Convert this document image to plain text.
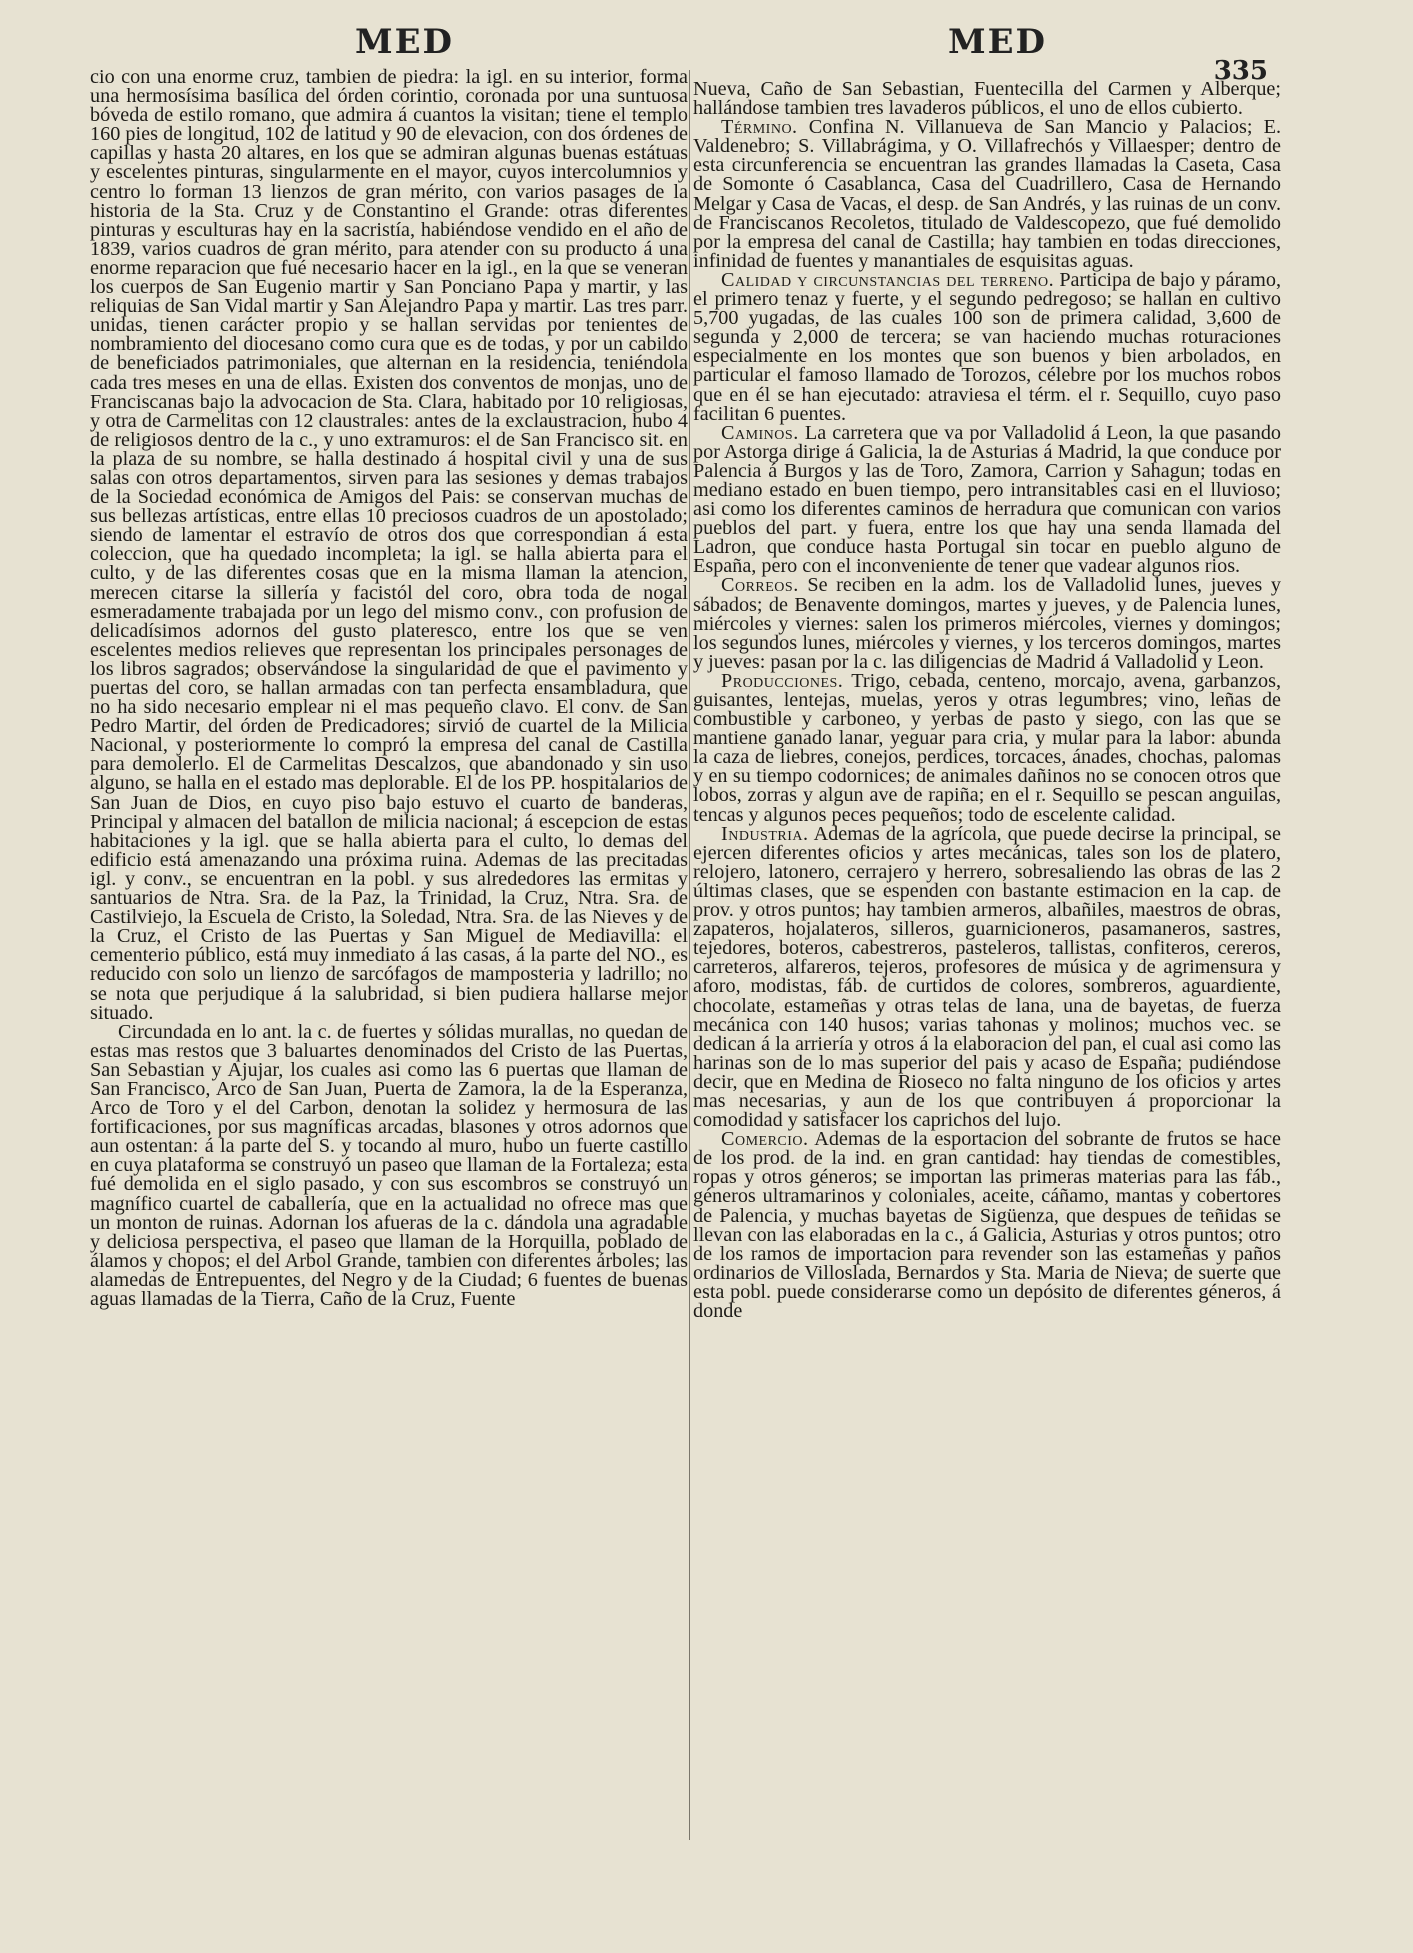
MED	MED
335

cio con una enorme cruz, tambien de piedra: la igl. en su interior, forma una hermosísima basílica del órden corintio, coronada por una suntuosa bóveda de estilo romano, que admira á cuantos la visitan; tiene el templo 160 pies de longitud, 102 de latitud y 90 de elevacion, con dos órdenes de capillas y hasta 20 altares, en los que se admiran algunas buenas estátuas y escelentes pinturas, singularmente en el mayor, cuyos intercolumnios y centro lo forman 13 lienzos de gran mérito, con varios pasages de la historia de la Sta. Cruz y de Constantino el Grande: otras diferentes pinturas y esculturas hay en la sacristía, habiéndose vendido en el año de 1839, varios cuadros de gran mérito, para atender con su producto á una enorme reparacion que fué necesario hacer en la igl., en la que se veneran los cuerpos de San Eugenio martir y San Ponciano Papa y martir, y las reliquias de San Vidal martir y San Alejandro Papa y martir. Las tres parr. unidas, tienen carácter propio y se hallan servidas por tenientes de nombramiento del diocesano como cura que es de todas, y por un cabildo de beneficiados patrimoniales, que alternan en la residencia, teniéndola cada tres meses en una de ellas. Existen dos conventos de monjas, uno de Franciscanas bajo la advocacion de Sta. Clara, habitado por 10 religiosas, y otra de Carmelitas con 12 claustrales: antes de la exclaustracion, hubo 4 de religiosos dentro de la c., y uno extramuros: el de San Francisco sit. en la plaza de su nombre, se halla destinado á hospital civil y una de sus salas con otros departamentos, sirven para las sesiones y demas trabajos de la Sociedad económica de Amigos del Pais: se conservan muchas de sus bellezas artísticas, entre ellas 10 preciosos cuadros de un apostolado; siendo de lamentar el estravío de otros dos que correspondian á esta coleccion, que ha quedado incompleta; la igl. se halla abierta para el culto, y de las diferentes cosas que en la misma llaman la atencion, merecen citarse la sillería y facistól del coro, obra toda de nogal esmeradamente trabajada por un lego del mismo conv., con profusion de delicadísimos adornos del gusto plateresco, entre los que se ven escelentes medios relieves que representan los principales personages de los libros sagrados; observándose la singularidad de que el pavimento y puertas del coro, se hallan armadas con tan perfecta ensambladura, que no ha sido necesario emplear ni el mas pequeño clavo. El conv. de San Pedro Martir, del órden de Predicadores; sirvió de cuartel de la Milicia Nacional, y posteriormente lo compró la empresa del canal de Castilla para demolerlo. El de Carmelitas Descalzos, que abandonado y sin uso alguno, se halla en el estado mas deplorable. El de los PP. hospitalarios de San Juan de Dios, en cuyo piso bajo estuvo el cuarto de banderas, Principal y almacen del batallon de milicia nacional; á escepcion de estas habitaciones y la igl. que se halla abierta para el culto, lo demas del edificio está amenazando una próxima ruina. Ademas de las precitadas igl. y conv., se encuentran en la pobl. y sus alrededores las ermitas y santuarios de Ntra. Sra. de la Paz, la Trinidad, la Cruz, Ntra. Sra. de Castilviejo, la Escuela de Cristo, la Soledad, Ntra. Sra. de las Nieves y de la Cruz, el Cristo de las Puertas y San Miguel de Mediavilla: el cementerio público, está muy inmediato á las casas, á la parte del NO., es reducido con solo un lienzo de sarcófagos de mamposteria y ladrillo; no se nota que perjudique á la salubridad, si bien pudiera hallarse mejor situado.

Circundada en lo ant. la c. de fuertes y sólidas murallas, no quedan de estas mas restos que 3 baluartes denominados del Cristo de las Puertas, San Sebastian y Ajujar, los cuales asi como las 6 puertas que llaman de San Francisco, Arco de San Juan, Puerta de Zamora, la de la Esperanza, Arco de Toro y el del Carbon, denotan la solidez y hermosura de las fortificaciones, por sus magníficas arcadas, blasones y otros adornos que aun ostentan: á la parte del S. y tocando al muro, hubo un fuerte castillo en cuya plataforma se construyó un paseo que llaman de la Fortaleza; esta fué demolida en el siglo pasado, y con sus escombros se construyó un magnífico cuartel de caballería, que en la actualidad no ofrece mas que un monton de ruinas. Adornan los afueras de la c. dándola una agradable y deliciosa perspectiva, el paseo que llaman de la Horquilla, poblado de álamos y chopos; el del Arbol Grande, tambien con diferentes árboles; las alamedas de Entrepuentes, del Negro y de la Ciudad; 6 fuentes de buenas aguas llamadas de la Tierra, Caño de la Cruz, Fuente

Nueva, Caño de San Sebastian, Fuentecilla del Carmen y Alberque; hallándose tambien tres lavaderos públicos, el uno de ellos cubierto.

Término. Confina N. Villanueva de San Mancio y Palacios; E. Valdenebro; S. Villabrágima, y O. Villafrechós y Villaesper; dentro de esta circunferencia se encuentran las grandes llamadas la Caseta, Casa de Somonte ó Casablanca, Casa del Cuadrillero, Casa de Hernando Melgar y Casa de Vacas, el desp. de San Andrés, y las ruinas de un conv. de Franciscanos Recoletos, titulado de Valdescopezo, que fué demolido por la empresa del canal de Castilla; hay tambien en todas direcciones, infinidad de fuentes y manantiales de esquisitas aguas.

Calidad y circunstancias del terreno. Participa de bajo y páramo, el primero tenaz y fuerte, y el segundo pedregoso; se hallan en cultivo 5,700 yugadas, de las cuales 100 son de primera calidad, 3,600 de segunda y 2,000 de tercera; se van haciendo muchas roturaciones especialmente en los montes que son buenos y bien arbolados, en particular el famoso llamado de Torozos, célebre por los muchos robos que en él se han ejecutado: atraviesa el térm. el r. Sequillo, cuyo paso facilitan 6 puentes.

Caminos. La carretera que va por Valladolid á Leon, la que pasando por Astorga dirige á Galicia, la de Asturias á Madrid, la que conduce por Palencia á Burgos y las de Toro, Zamora, Carrion y Sahagun; todas en mediano estado en buen tiempo, pero intransitables casi en el lluvioso; asi como los diferentes caminos de herradura que comunican con varios pueblos del part. y fuera, entre los que hay una senda llamada del Ladron, que conduce hasta Portugal sin tocar en pueblo alguno de España, pero con el inconveniente de tener que vadear algunos rios.

Correos. Se reciben en la adm. los de Valladolid lunes, jueves y sábados; de Benavente domingos, martes y jueves, y de Palencia lunes, miércoles y viernes: salen los primeros miércoles, viernes y domingos; los segundos lunes, miércoles y viernes, y los terceros domingos, martes y jueves: pasan por la c. las diligencias de Madrid á Valladolid y Leon.

Producciones. Trigo, cebada, centeno, morcajo, avena, garbanzos, guisantes, lentejas, muelas, yeros y otras legumbres; vino, leñas de combustible y carboneo, y yerbas de pasto y siego, con las que se mantiene ganado lanar, yeguar para cria, y mular para la labor: abunda la caza de liebres, conejos, perdices, torcaces, ánades, chochas, palomas y en su tiempo codornices; de animales dañinos no se conocen otros que lobos, zorras y algun ave de rapiña; en el r. Sequillo se pescan anguilas, tencas y algunos peces pequeños; todo de escelente calidad.

Industria. Ademas de la agrícola, que puede decirse la principal, se ejercen diferentes oficios y artes mecánicas, tales son los de platero, relojero, latonero, cerrajero y herrero, sobresaliendo las obras de las 2 últimas clases, que se espenden con bastante estimacion en la cap. de prov. y otros puntos; hay tambien armeros, albañiles, maestros de obras, zapateros, hojalateros, silleros, guarnicioneros, pasamaneros, sastres, tejedores, boteros, cabestreros, pasteleros, tallistas, confiteros, cereros, carreteros, alfareros, tejeros, profesores de música y de agrimensura y aforo, modistas, fáb. de curtidos de colores, sombreros, aguardiente, chocolate, estameñas y otras telas de lana, una de bayetas, de fuerza mecánica con 140 husos; varias tahonas y molinos; muchos vec. se dedican á la arriería y otros á la elaboracion del pan, el cual asi como las harinas son de lo mas superior del pais y acaso de España; pudiéndose decir, que en Medina de Rioseco no falta ninguno de los oficios y artes mas necesarias, y aun de los que contribuyen á proporcionar la comodidad y satisfacer los caprichos del lujo.

Comercio. Ademas de la esportacion del sobrante de frutos se hace de los prod. de la ind. en gran cantidad: hay tiendas de comestibles, ropas y otros géneros; se importan las primeras materias para las fáb., géneros ultramarinos y coloniales, aceite, cáñamo, mantas y cobertores de Palencia, y muchas bayetas de Sigüenza, que despues de teñidas se llevan con las elaboradas en la c., á Galicia, Asturias y otros puntos; otro de los ramos de importacion para revender son las estameñas y paños ordinarios de Villoslada, Bernardos y Sta. Maria de Nieva; de suerte que esta pobl. puede considerarse como un depósito de diferentes géneros, á donde
